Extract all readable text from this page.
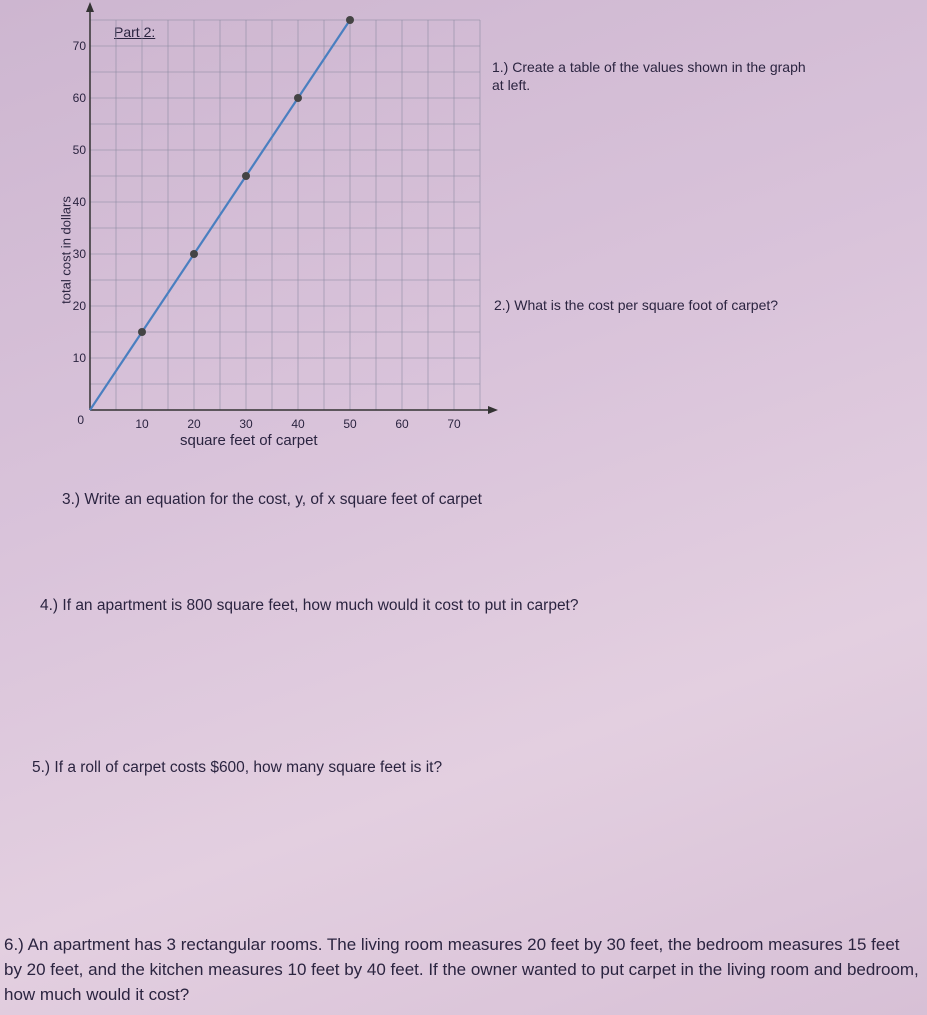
Part 2:
10	20	30	40	50	60	70
10
20
30
40
50
60
70
0
total cost in dollars
square feet of carpet
1.) Create a table of the values shown in the graph at left.
2.) What is the cost per square foot of carpet?
3.) Write an equation for the cost, y, of x square feet of carpet
4.) If an apartment is 800 square feet, how much would it cost to put in carpet?
5.) If a roll of carpet costs $600, how many square feet is it?
6.) An apartment has 3 rectangular rooms. The living room measures 20 feet by 30 feet, the bedroom measures 15 feet by 20 feet, and the kitchen measures 10 feet by 40 feet. If the owner wanted to put carpet in the living room and bedroom, how much would it cost?
